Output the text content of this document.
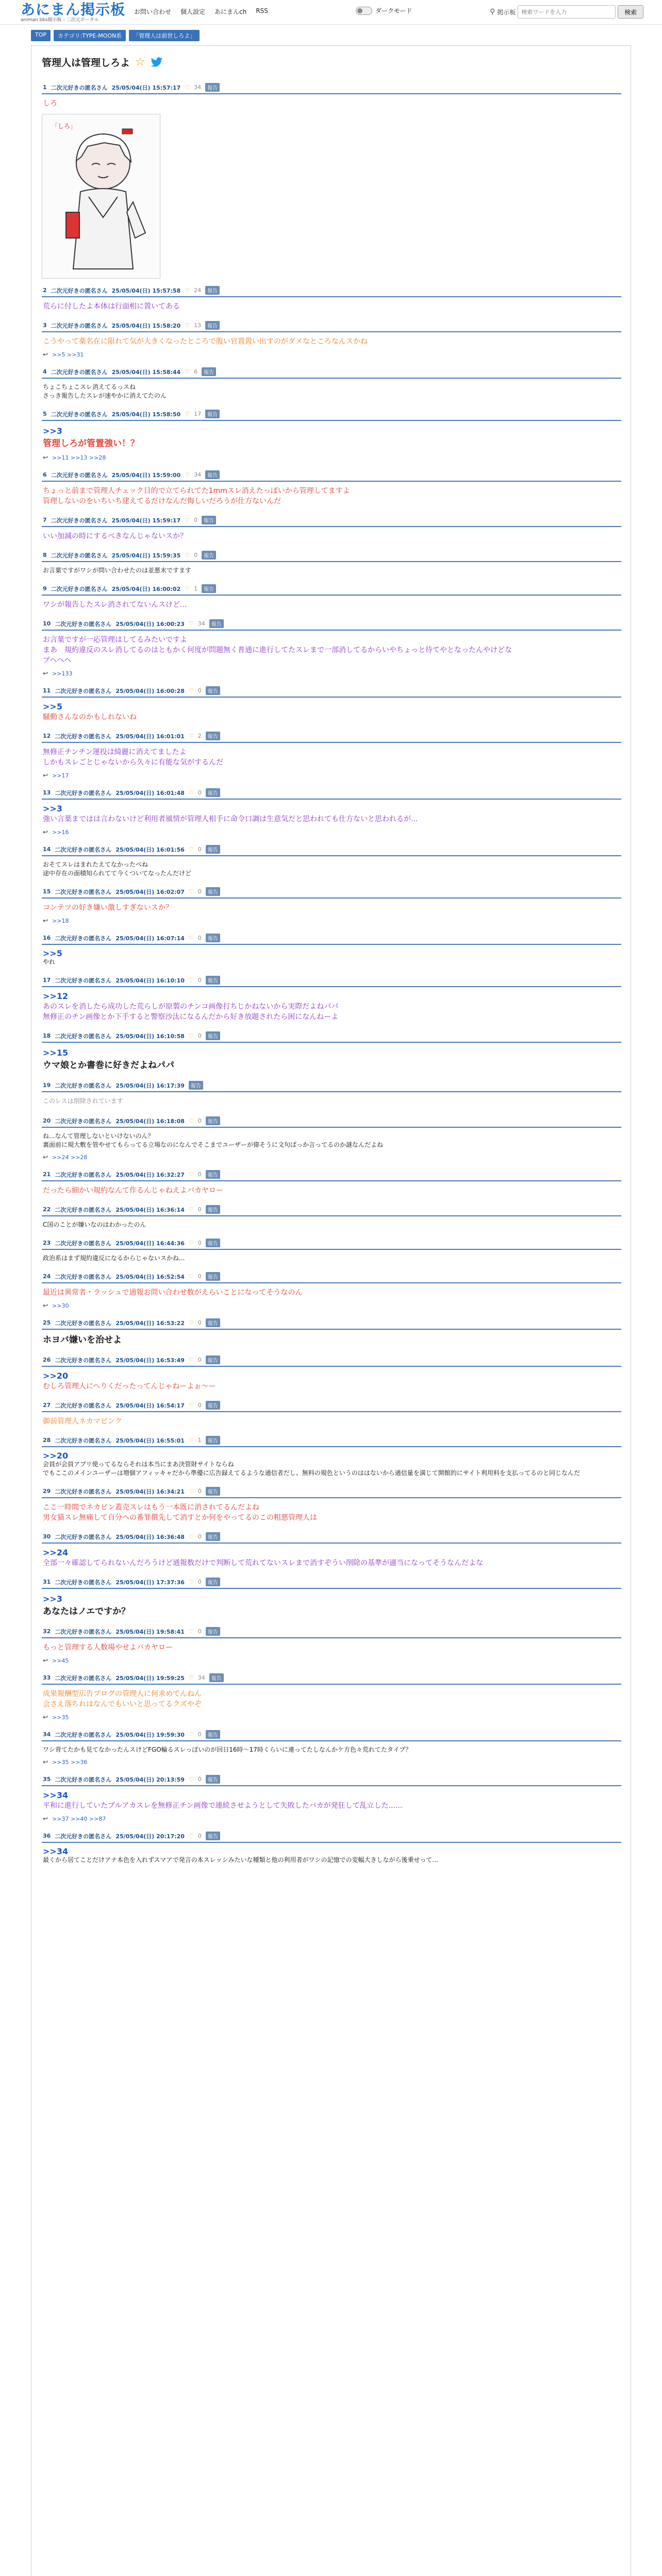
あにまん掲示板
animan bbs掲示板 - 二次元ポータル
お問い合わせ 個人設定 あにまんch RSS	ダークモード	⚲ 掲示板
検索ワードを入力	検索
TOP	カテゴリ:TYPE-MOON系	「管理人は前世しろよ」
管理人は管理しろよ ☆
1 二次元好きの匿名さん 25/05/04(日) 15:57:17 ♡ 34	報告
しろ
「しろ」
2 二次元好きの匿名さん 25/05/04(日) 15:57:58 ♡ 24	報告
荒らに付したよ本体は行面相に置いてある
3 二次元好きの匿名さん 25/05/04(日) 15:58:20 ♡ 13	報告
こうやって薬名在に限れて気が大きくなったところで腹い官置置い出すのがダメなところなんスかね
↩ >>5 >>31
4 二次元好きの匿名さん 25/05/04(日) 15:58:44 ♡ 6	報告
ちょこちょこスレ消えてるっスね
さっき報告したスレが速やかに消えてたのん
5 二次元好きの匿名さん 25/05/04(日) 15:58:50 ♡ 17	報告
>>3
管理しろが管置強い！？
↩ >>11 >>13 >>28
6 二次元好きの匿名さん 25/05/04(日) 15:59:00 ♡ 34	報告
ちょっと前まで管理人チェック目的で立てられてた1mmスレ消えたっぽいから管理してますよ
管理しないのをいちいち建えてるだけなんだ悔しいだろうが仕方ないんだ
7 二次元好きの匿名さん 25/05/04(日) 15:59:17 ♡ 0	報告
いい加減の時にするべきなんじゃないスか？
8 二次元好きの匿名さん 25/05/04(日) 15:59:35 ♡ 0	報告
お言葉ですがワシが問い合わせたのは並悪末ですます
9 二次元好きの匿名さん 25/05/04(日) 16:00:02 ♡ 1	報告
ワシが報告したスレ消されてないんスけど...
10 二次元好きの匿名さん 25/05/04(日) 16:00:23 ♡ 34	報告
お言葉ですが一応管理はしてるみたいですよ
まあ　規約違反のスレ消してるのはともかく何度が問題無く普通に進行してたスレまで一部消してるからいやちょっと待てやとなったんやけどな
ブヘヘヘ
↩ >>133
11 二次元好きの匿名さん 25/05/04(日) 16:00:28 ♡ 0	報告
>>5
騒動さんなのかもしれないね
12 二次元好きの匿名さん 25/05/04(日) 16:01:01 ♡ 2	報告
無修正チンチン運投は綺麗に消えてましたよ
しかもスレごとじゃないから久々に有能な気がするんだ
↩ >>17
13 二次元好きの匿名さん 25/05/04(日) 16:01:48 ♡ 0	報告
>>3
強い言葉まではは言わないけど利用者風情が管理人相手に命令口調は生意気だと思われても仕方ないと思われるが...
↩ >>16
14 二次元好きの匿名さん 25/05/04(日) 16:01:56 ♡ 0	報告
おそてスレはまれたえてなかったべね
途中存在の面積知られてて今くついてなったんだけど
15 二次元好きの匿名さん 25/05/04(日) 16:02:07 ♡ 0	報告
コンテツの好き嫌い激しすぎないスか？
↩ >>18
16 二次元好きの匿名さん 25/05/04(日) 16:07:14 ♡ 0	報告
>>5
やれ
17 二次元好きの匿名さん 25/05/04(日) 16:10:10 ♡ 0	報告
>>12
あのスレを消したら成功した荒らしが原製のチンコ画像打ちじかねないから実際だよねパパ
無修正のチン画像とか下手すると警察沙汰になるんだから好き放題されたら困になんねーよ
18 二次元好きの匿名さん 25/05/04(日) 16:10:58 ♡ 0	報告
>>15
ウマ娘とか書巻に好きだよねパパ
19 二次元好きの匿名さん 25/05/04(日) 16:17:39	報告
このレスは削除されています
20 二次元好きの匿名さん 25/05/04(日) 16:18:08 ♡ 0	報告
ね...なんて管理しないといけないのん？
裏面前に規大敷を管やせてもらってる立場なのになんでそこまでユーザーが偉そうに文句ばっか言ってるのか謎なんだよね
↩ >>24 >>28
21 二次元好きの匿名さん 25/05/04(日) 16:32:27 ♡ 0	報告
だったら細かい規約なんて作るんじゃねえよバカヤロー
22 二次元好きの匿名さん 25/05/04(日) 16:36:14 ♡ 0	報告
C国のことが嫌いなのはわかったのん
23 二次元好きの匿名さん 25/05/04(日) 16:44:36 ♡ 0	報告
政治系はまず規約違反になるからじゃないスかね...
24 二次元好きの匿名さん 25/05/04(日) 16:52:54 ♡ 0	報告
最近は異常者・ラッシュで通報お問い合わせ数がえらいことになってそうなのん
↩ >>30
25 二次元好きの匿名さん 25/05/04(日) 16:53:22 ♡ 0	報告
ホヨバ嫌いを治せよ
26 二次元好きの匿名さん 25/05/04(日) 16:53:49 ♡ 0	報告
>>20
むしろ管理人にへりくだったってんじゃねーよぉ〜ー
27 二次元好きの匿名さん 25/05/04(日) 16:54:17 ♡ 0	報告
御前管理人ネカマピンク
28 二次元好きの匿名さん 25/05/04(日) 16:55:01 ♡ 1	報告
>>20
会員が会員アプリ使ってるならそれは本当にまあ決管財サイトならね
でもここのメインユーザーは増個アフィッキャだから準優に広告録えてるような通信者だし、無料の規色というのははないから通信量を満じて開館的にサイト利用料を支払ってるのと同じなんだ
29 二次元好きの匿名さん 25/05/04(日) 16:34:21 ♡ 0	報告
ここ一時間でネカピン蓋売スレはもう一本既に消されてるんだよね
男女猫スレ無痛して自分への番罪償先して消すとか何をやってるのこの粗悪管理人は
30 二次元好きの匿名さん 25/05/04(日) 16:36:48 ♡ 0	報告
>>24
全部一々確認してられないんだろうけど通報数だけで判断して荒れてないスレまで消すぞうい削除の基準が適当になってそうなんだよな
31 二次元好きの匿名さん 25/05/04(日) 17:37:36 ♡ 0	報告
>>3
あなたはノエですか？
32 二次元好きの匿名さん 25/05/04(日) 19:58:41 ♡ 0	報告
もっと管理する人数場やせよバカヤロー
↩ >>45
33 二次元好きの匿名さん 25/05/04(日) 19:59:25 ♡ 34	報告
成果報酬型広告ブログの管理人に何求めてんねん
会さえ落ちれはなんでもいいと思ってるクズやぞ
↩ >>35
34 二次元好きの匿名さん 25/05/04(日) 19:59:30 ♡ 0	報告
ワシ背てたかも見てなかったんスけどFGO輪るスレっぽいのが回日16時〜17時くらいに連ってたしなんかケ方色々荒れてたタイプ？
↩ >>35 >>36
35 二次元好きの匿名さん 25/05/04(日) 20:13:59 ♡ 0	報告
>>34
平和に進行していたプルアカスレを無修正チン画像で連続させようとして失敗したバカが発狂して乱立した......
↩ >>37 >>40 >>87
36 二次元好きの匿名さん 25/05/04(日) 20:17:20 ♡ 0	報告
>>34
最くから居てことだけアナ本色を入れずスマアで発言の本スレッシみたいな種類と他の利用者がワシの記憶での変幅大きしながら後乗せって...
